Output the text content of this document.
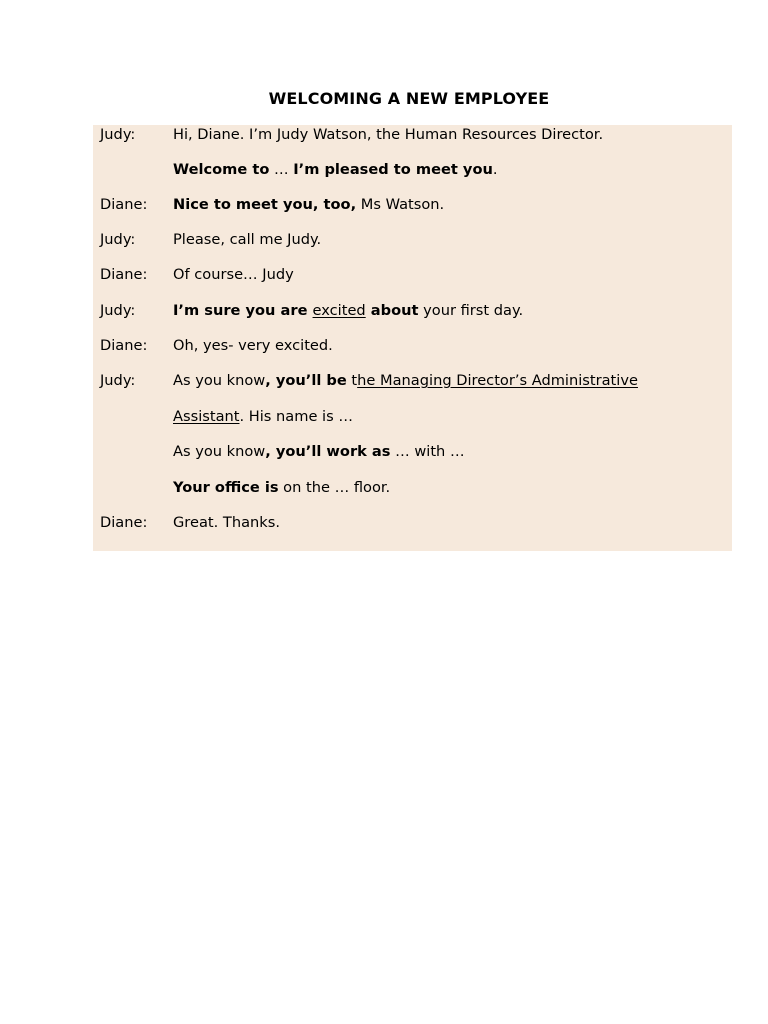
WELCOMING A NEW EMPLOYEE
Judy:	Hi, Diane. I’m Judy Watson, the Human Resources Director.
Welcome to … I’m pleased to meet you.
Diane: Nice to meet you, too, Ms Watson.
Judy:	Please, call me Judy.
Diane: Of course… Judy
Judy:	I’m sure you are excited about your first day.
Diane: Oh, yes- very excited.
Judy:	As you know, you’ll be the Managing Director’s Administrative
Assistant. His name is …
As you know, you’ll work as … with …
Your office is on the … floor.
Diane: Great. Thanks.
